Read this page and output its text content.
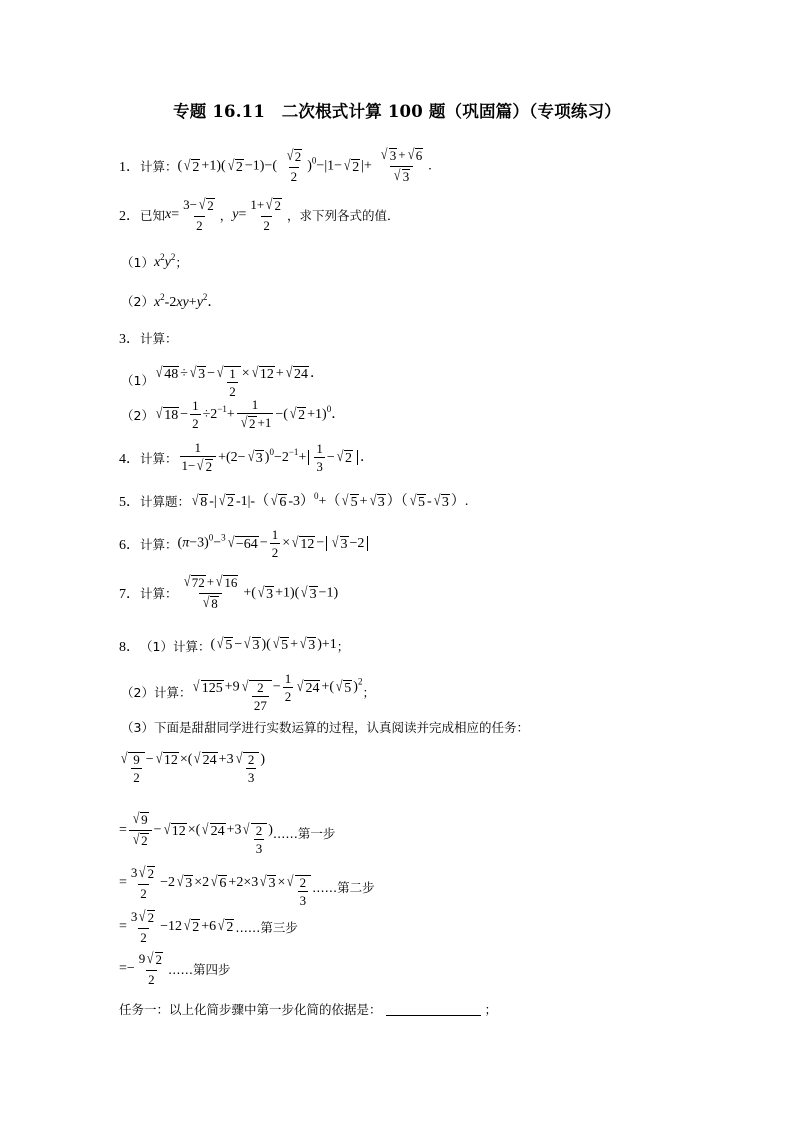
专题 16.11　二次根式计算 100 题（巩固篇）（专项练习）
1． 计算： ( √ 2 +1)( √ $2 -1)-( \frac{√ 2}{2} )^0-|1-$ √ 2 |+ $\frac{√ 3 + √ 6}{√ 3}$ .
2． 已知 $x= \frac{3- √ 2}{2}$ ， $y= \frac{1+ √ 2}{2}$ ，求下列各式的值．
（1） $x^2y^2$ ；
（2） $x^2-2xy+y^2$．
3． 计算：
（1） √ 48 ÷ √ 3 − √ $\frac{1}{2}$ × √ 12 + √ 24 ．
（2） √ $18 - \frac{1}{2} \div 2^{-1}+ \frac{1}{√ 2 +1}$ −( √ 2 +1)$^0$．
4． 计算： $\frac{1}{1- √ 2} +(2-$ √ 3 )$^0-2^{-1}+ \frac{1}{3}$ − √ 2 ．
5． 计算题： √ 8 -| √ 2 -1|-（ √ 6 -3）$^0$+（ √ 5 + √ 3 ）（ √ 5 - √ 3 ）.
6． 计算： $(\pi-3)^0-^3$ √ $-64 - \frac{1}{2}$ × √ 12 − √ 3 −2
7． 计算： $\frac{√ 72 + √ 16}{√ 8}$ +( √ 3 +1)( √ 3 −1)
8． （1）计算： ( √ 5 − √ 3 )( √ 5 + √ 3 )+1 ；
（2）计算： √ 125 +9 √ $\frac{2}{27} - \frac{1}{2}$ √ 24 +( √ 5 )$^2$
；
（3）下面是甜甜同学进行实数运算的过程，认真阅读并完成相应的任务：
√ $\frac{9}{2}$ − √ 12 ×( √ 24 +3 √ $\frac{2}{3}$ )
= $\frac{√ 9}{√ 2}$ − √ 12 ×( √ 24 +3 √ $\frac{2}{3}$ ) ……第一步
= $\frac{3 √ 2}{2} -2$ √ 3 ×2 √ 6 +2×3 √ 3 × √ $\frac{2}{3}$ ……第二步
= $\frac{3 √ 2}{2} -12$ √ 2 +6 √ 2 ……第三步
=− $\frac{9 √ 2}{2}$ ……第四步
任务一：以上化简步骤中第一步化简的依据是：	；
